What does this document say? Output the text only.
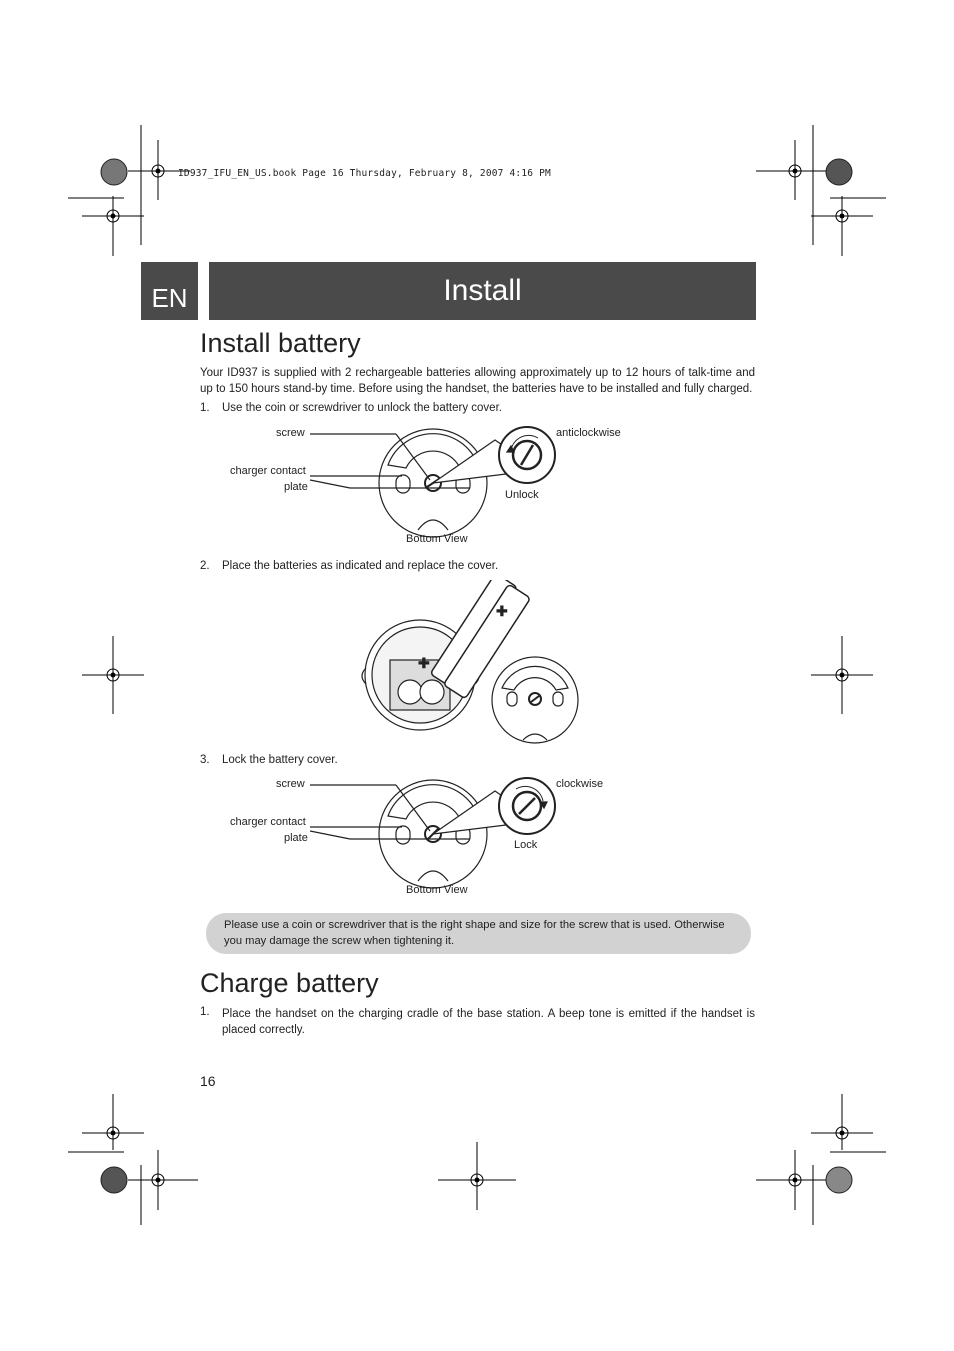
ID937_IFU_EN_US.book Page 16 Thursday, February 8, 2007 4:16 PM
EN	Install
Install battery
Your ID937 is supplied with 2 rechargeable batteries allowing approximately up to 12 hours of talk-time and up to 150 hours stand-by time. Before using the handset, the batteries have to be installed and fully charged.
1. Use the coin or screwdriver to unlock the battery cover.
screw
charger contact
plate
anticlockwise
Unlock
Bottom View
2. Place the batteries as indicated and replace the cover.
✚
✚
3. Lock the battery cover.
screw
charger contact
plate
clockwise
Lock
Bottom View
Please use a coin or screwdriver that is the right shape and size for the screw that is used. Otherwise you may damage the screw when tightening it.
Charge battery
1. Place the handset on the charging cradle of the base station. A beep tone is emitted if the handset is placed correctly.
16
